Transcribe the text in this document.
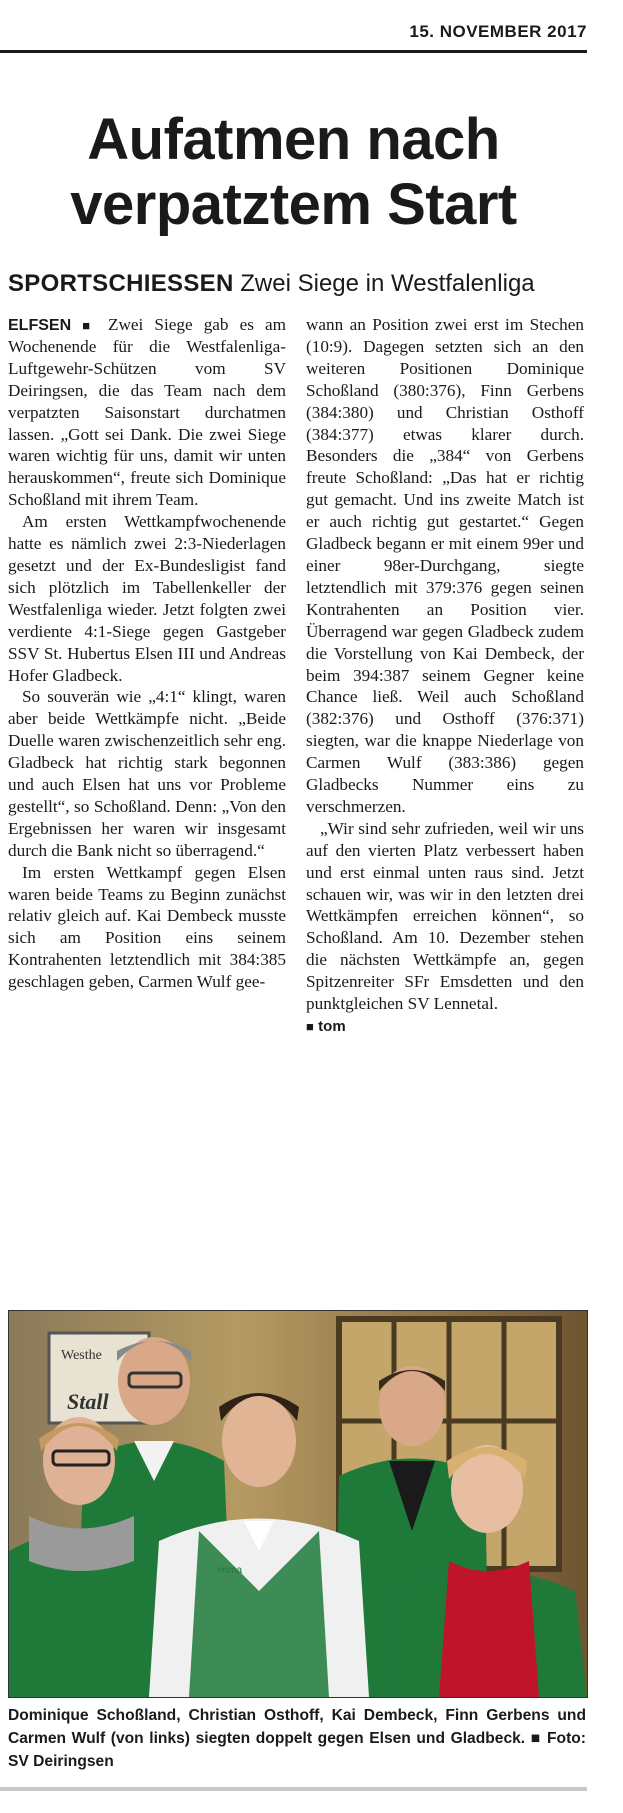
15. NOVEMBER 2017
Aufatmen nach
verpatztem Start
SPORTSCHIESSEN Zwei Siege in Westfalenliga

ELFSEN ■ Zwei Siege gab es am Wochenende für die Westfalenliga-Luftgewehr-Schützen vom SV Deiringsen, die das Team nach dem verpatzten Saisonstart durchatmen lassen. „Gott sei Dank. Die zwei Siege waren wichtig für uns, damit wir unten herauskommen“, freute sich Dominique Schoßland mit ihrem Team.

Am ersten Wettkampfwochenende hatte es nämlich zwei 2:3-Niederlagen gesetzt und der Ex-Bundesligist fand sich plötzlich im Tabellenkeller der Westfalenliga wieder. Jetzt folgten zwei verdiente 4:1-Siege gegen Gastgeber SSV St. Hubertus Elsen III und Andreas Hofer Gladbeck.

So souverän wie „4:1“ klingt, waren aber beide Wettkämpfe nicht. „Beide Duelle waren zwischenzeitlich sehr eng. Gladbeck hat richtig stark begonnen und auch Elsen hat uns vor Probleme gestellt“, so Schoßland. Denn: „Von den Ergebnissen her waren wir insgesamt durch die Bank nicht so überragend.“

Im ersten Wettkampf gegen Elsen waren beide Teams zu Beginn zunächst relativ gleich auf. Kai Dembeck musste sich am Position eins seinem Kontrahenten letztendlich mit 384:385 geschlagen geben, Carmen Wulf gee-

wann an Position zwei erst im Stechen (10:9). Dagegen setzten sich an den weiteren Positionen Dominique Schoßland (380:376), Finn Gerbens (384:380) und Christian Osthoff (384:377) etwas klarer durch. Besonders die „384“ von Gerbens freute Schoßland: „Das hat er richtig gut gemacht. Und ins zweite Match ist er auch richtig gut gestartet.“ Gegen Gladbeck begann er mit einem 99er und einer 98er-Durchgang, siegte letztendlich mit 379:376 gegen seinen Kontrahenten an Position vier. Überragend war gegen Gladbeck zudem die Vorstellung von Kai Dembeck, der beim 394:387 seinem Gegner keine Chance ließ. Weil auch Schoßland (382:376) und Osthoff (376:371) siegten, war die knappe Niederlage von Carmen Wulf (383:386) gegen Gladbecks Nummer eins zu verschmerzen.

„Wir sind sehr zufrieden, weil wir uns auf den vierten Platz verbessert haben und erst einmal unten raus sind. Jetzt schauen wir, was wir in den letzten drei Wettkämpfen erreichen können“, so Schoßland. Am 10. Dezember stehen die nächsten Wettkämpfe an, gegen Spitzenreiter SFr Emsdetten und den punktgleichen SV Lennetal.

■ tom

Westhe
Stall
erima
Dominique Schoßland, Christian Osthoff, Kai Dembeck, Finn Gerbens und Carmen Wulf (von links) siegten doppelt gegen Elsen und Gladbeck. ■ Foto: SV Deiringsen
